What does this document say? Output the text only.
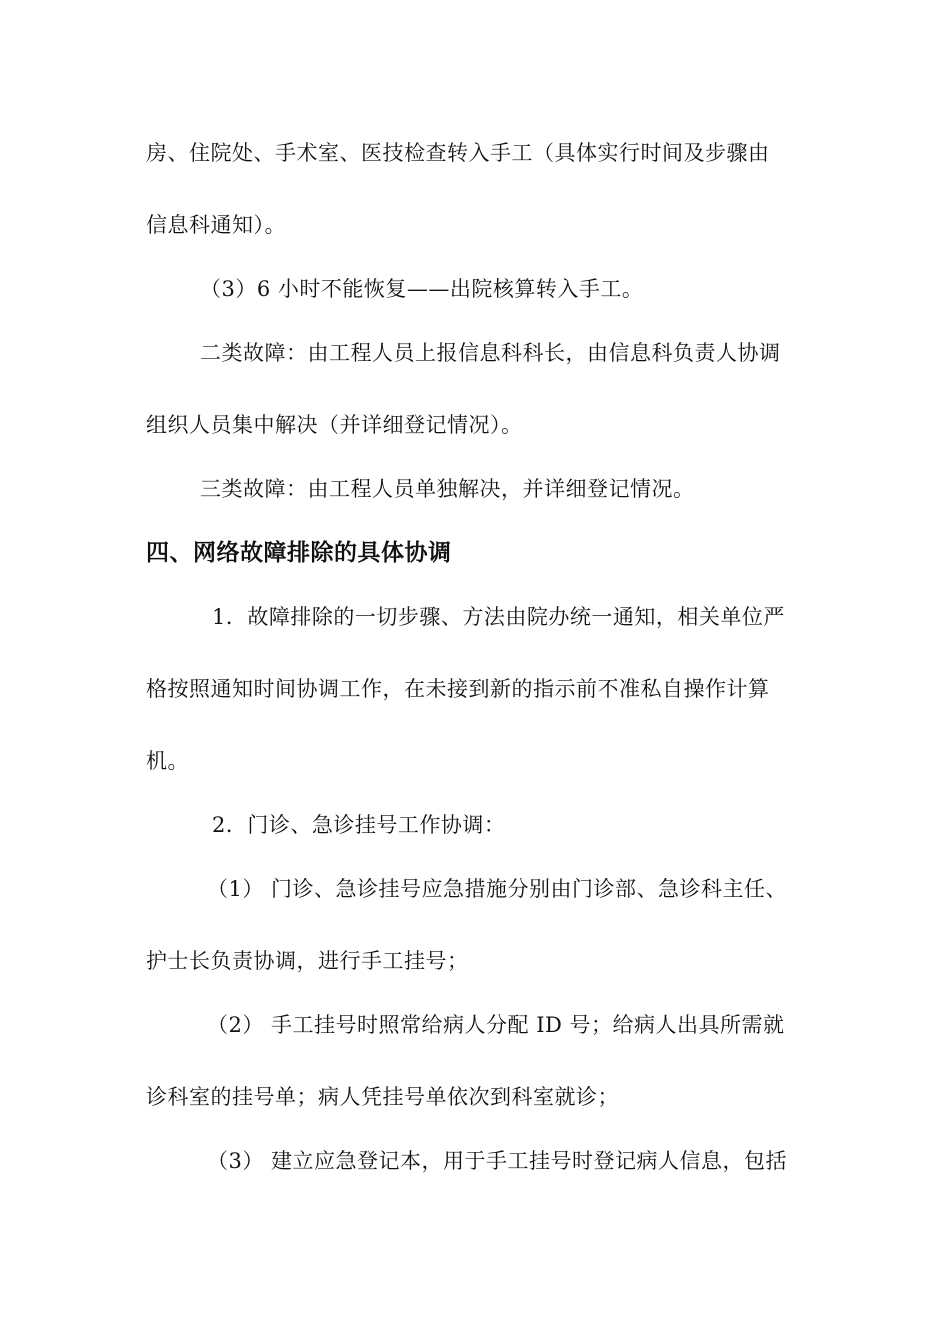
房、住院处、手术室、医技检查转入手工（具体实行时间及步骤由
信息科通知）。
（3）6 小时不能恢复——出院核算转入手工。
二类故障：由工程人员上报信息科科长，由信息科负责人协调
组织人员集中解决（并详细登记情况）。
三类故障：由工程人员单独解决，并详细登记情况。
四、网络故障排除的具体协调
1．故障排除的一切步骤、方法由院办统一通知，相关单位严
格按照通知时间协调工作，在未接到新的指示前不准私自操作计算
机。
2．门诊、急诊挂号工作协调：
（1） 门诊、急诊挂号应急措施分别由门诊部、急诊科主任、
护士长负责协调，进行手工挂号；
（2） 手工挂号时照常给病人分配 ID 号；给病人出具所需就
诊科室的挂号单；病人凭挂号单依次到科室就诊；
（3） 建立应急登记本，用于手工挂号时登记病人信息，包括
